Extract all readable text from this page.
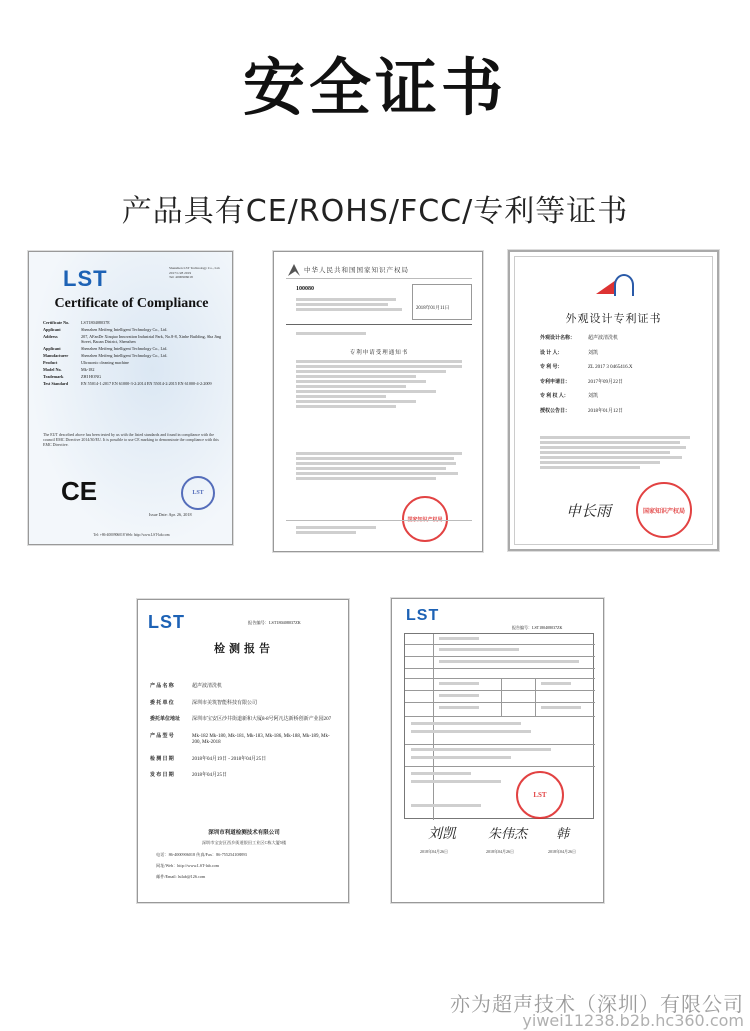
安全证书
产品具有CE/ROHS/FCC/专利等证书
LST	Shenzhen LST Technology Co., Ltd.
2017/1/28 2019
Tel: 4000906018
Certificate of Compliance
Certificate No.	LST180408037E
Applicant	Shenzhen Meifeng Intelligent Technology Co., Ltd.
Address	207, AFanDe Xinqiao Innovation Industrial Park, No.8-8, Xinhe Building, Sha Jing Street, Baoan District, Shenzhen
Applicant	Shenzhen Meifeng Intelligent Technology Co., Ltd.
Manufacturer	Shenzhen Meifeng Intelligent Technology Co., Ltd.
Product	Ultrasonic cleaning machine
Model No.	Mk-182
Trademark	ZHI HONG
Test Standard	EN 55014-1:2017 EN 61000-3-2:2014 EN 55014-2:2015 EN 61000-4-2:2009
The EUT described above has been tested by us with the listed standards and found in compliance with the council EMC Directive 2014/30/EU. It is possible to use CE marking to demonstrate the compliance with this EMC Directive.
CE	LST
Issue Date: Apr. 26, 2018
Tel: +86-4000906018 Web: http://www.LST-lab.com
中华人民共和国国家知识产权局
100080
2018年01月11日
专利申请受理通知书
外观设计专利证书
外观设计名称：	超声波清洗机
设 计 人：	刘凯
专 利 号：	ZL 2017 3 0465416.X
专利申请日：	2017年09月22日
专 利 权 人：	刘凯
授权公告日：	2018年01月12日
申长雨	国家知识产权局
LST	报告编号：LST180408037ZK
检测报告
产 品 名 称	超声波清洗机
委 托 单 位	深圳市美筑智能科技有限公司
委托单位地址	深圳市宝安区沙井街道新和大厦8-8号阿凡达新桥创新产业园207
产 品 型 号	Mk-182 Mk-180, Mk-181, Mk-183, Mk-186, Mk-188, Mk-189, Mk-200, Mk-2018
检 测 日 期	2018年04月19日 - 2018年04月25日
发 布 日 期	2018年04月25日
深圳市利道检测技术有限公司
深圳市宝安区西乡街道银田工业区C栋大厦5楼
电话：86-4000906018 传真/Fax：86-755254108893
网址/Web：http://www.LST-lab.com
邮件/Email: lstlab@126.com
LST
报告编号：LST180408037ZK
LST
刘凯 朱伟杰 韩
2018年04月26日	2018年04月26日	2018年04月26日
亦为超声技术（深圳）有限公司
yiwei11238.b2b.hc360.com
